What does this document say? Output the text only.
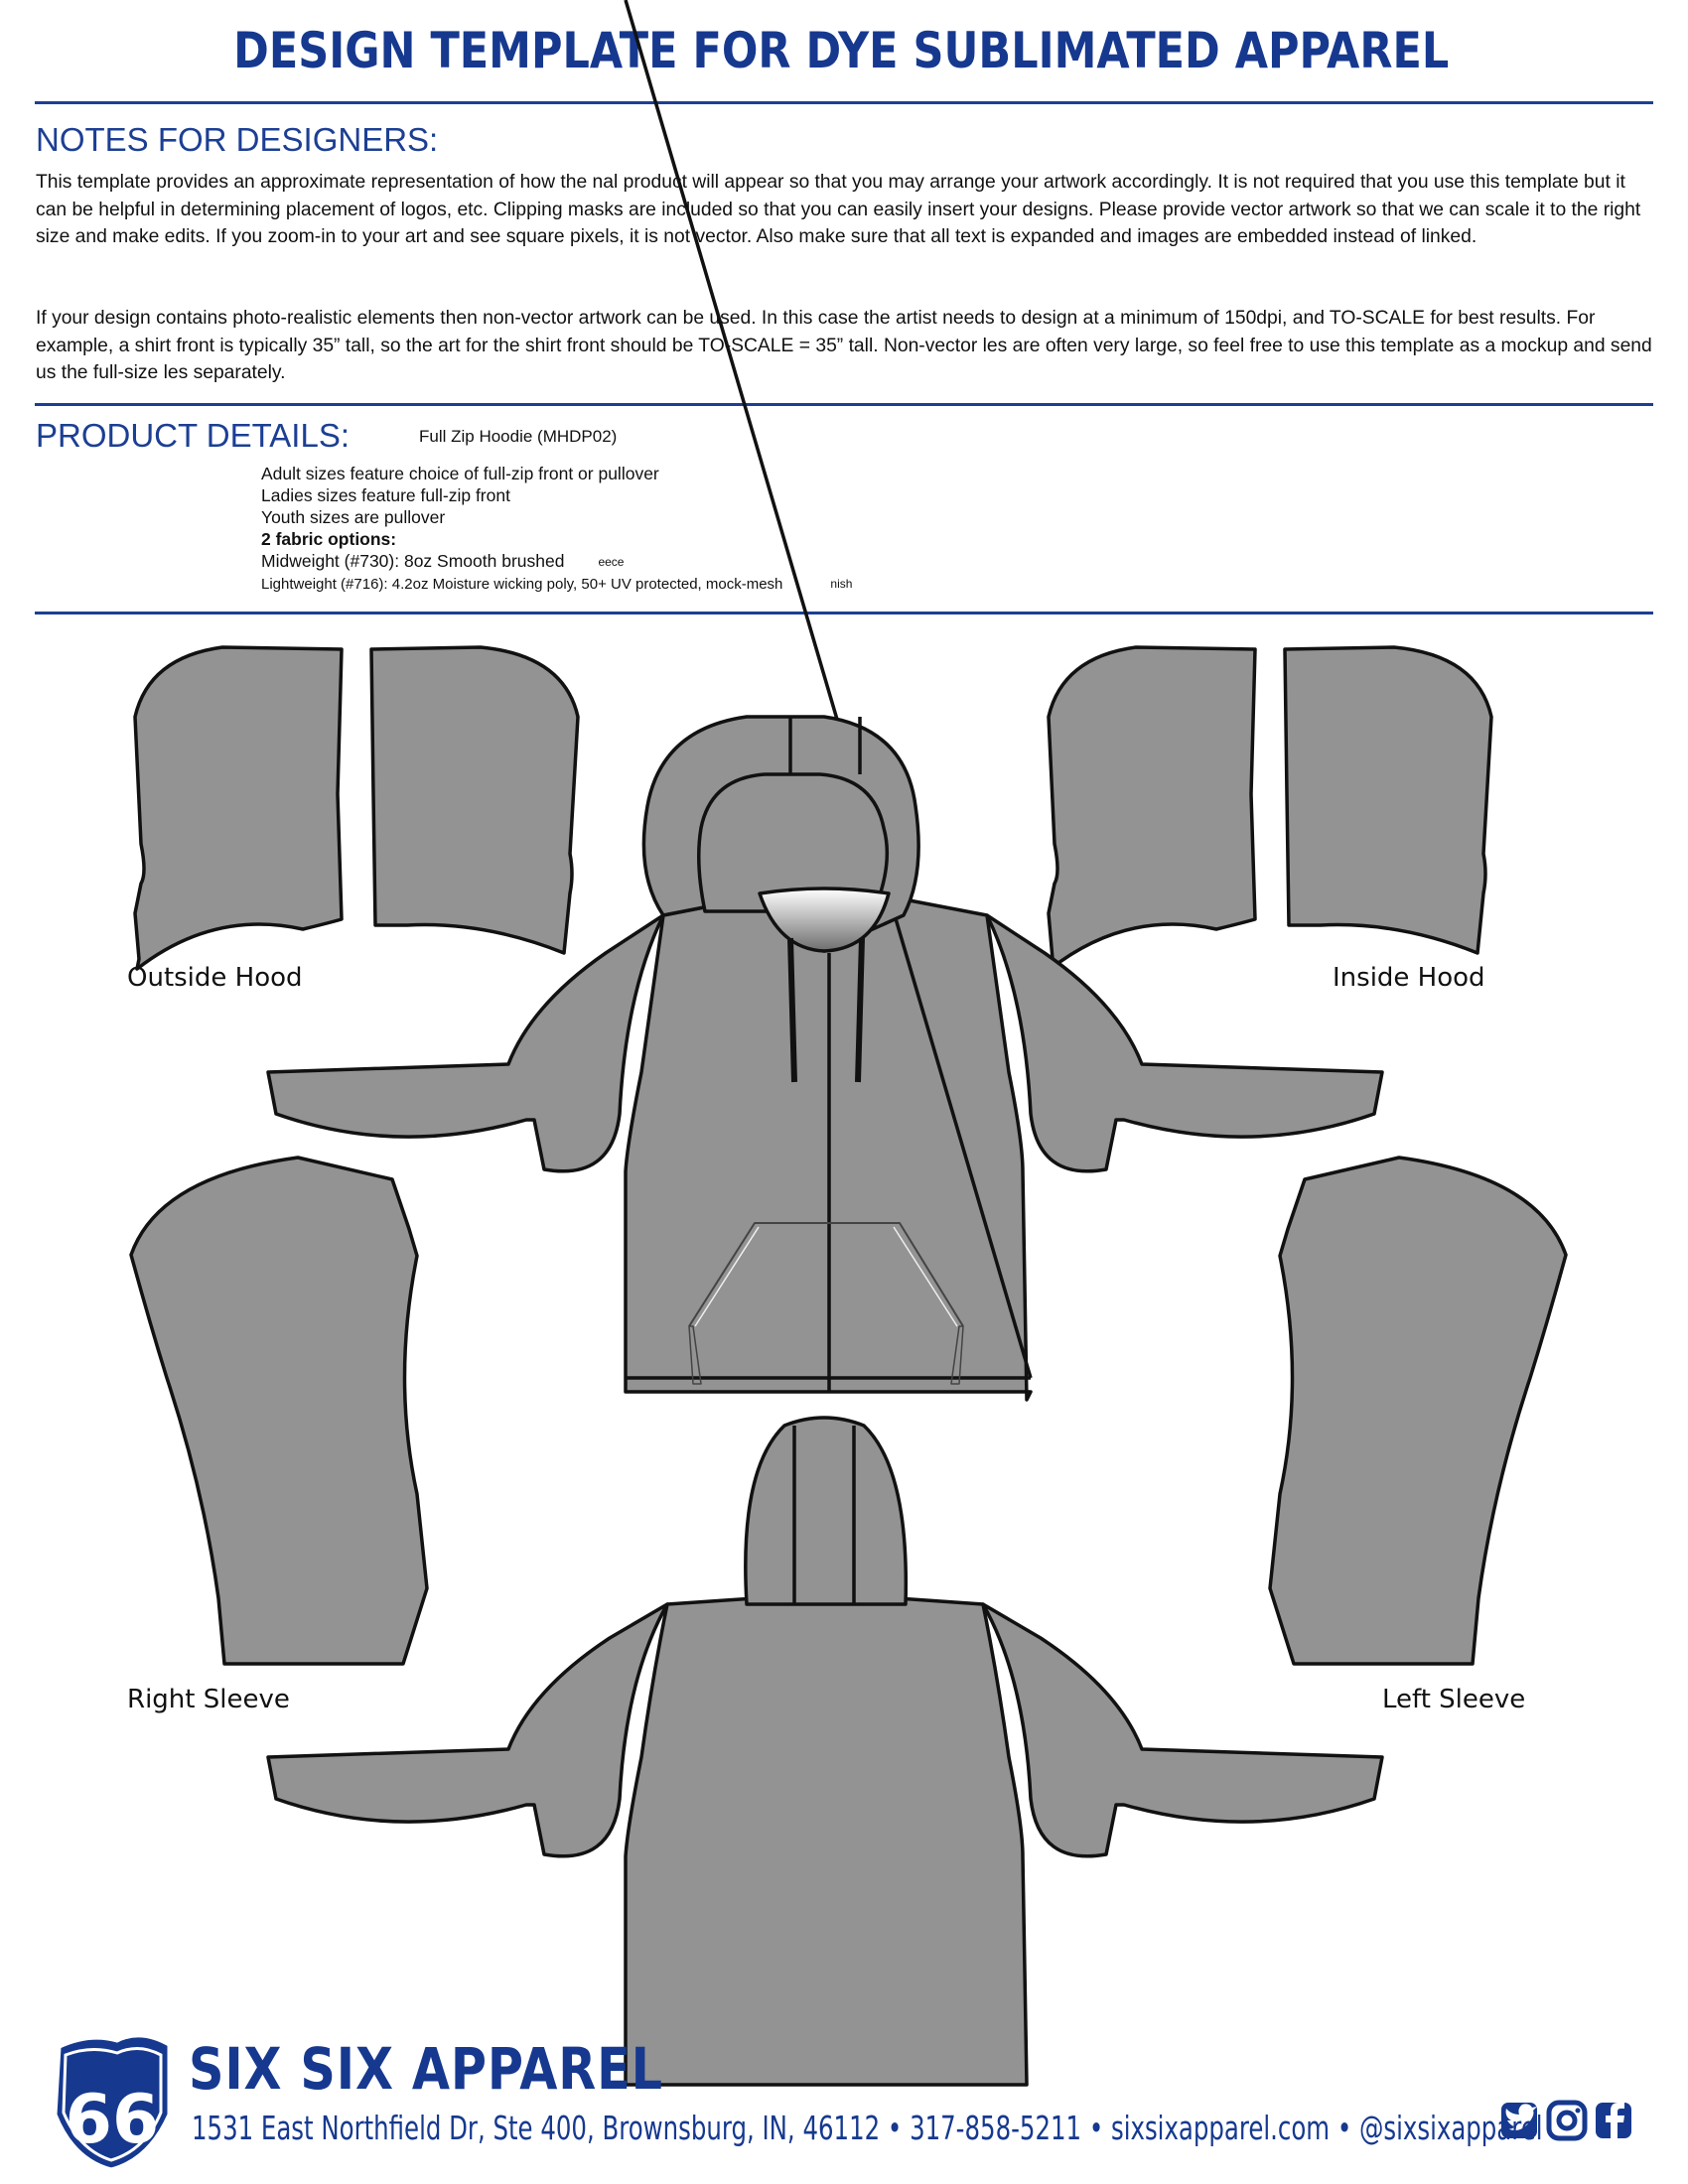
DESIGN TEMPLATE FOR DYE SUBLIMATED APPAREL
NOTES FOR DESIGNERS:
This template provides an approximate representation of how the nal product will appear so that you may arrange your artwork accordingly. It is not required that you use this template but it can be helpful in determining placement of logos, etc. Clipping masks are included so that you can easily insert your designs. Please provide vector artwork so that we can scale it to the right size and make edits. If you zoom-in to your art and see square pixels, it is not vector. Also make sure that all text is expanded and images are embedded instead of linked.
If your design contains photo-realistic elements then non-vector artwork can be used. In this case the artist needs to design at a minimum of 150dpi, and TO-SCALE for best results. For example, a shirt front is typically 35” tall, so the art for the shirt front should be TO-SCALE = 35” tall. Non-vector les are often very large, so feel free to use this template as a mockup and send us the full-size les separately.
PRODUCT DETAILS:	Full Zip Hoodie (MHDP02)
Adult sizes feature choice of full-zip front or pullover
Ladies sizes feature full-zip front
Youth sizes are pullover
2 fabric options:
Midweight (#730): 8oz Smooth brushed	eece
Lightweight (#716): 4.2oz Moisture wicking poly, 50+ UV protected, mock-mesh	nish
66
Outside Hood	Inside Hood
Right Sleeve	Left Sleeve
SIX SIX APPAREL
1531 East Northfield Dr, Ste 400, Brownsburg, IN, 46112 • 317-858-5211 • sixsixapparel.com • @sixsixapparel
